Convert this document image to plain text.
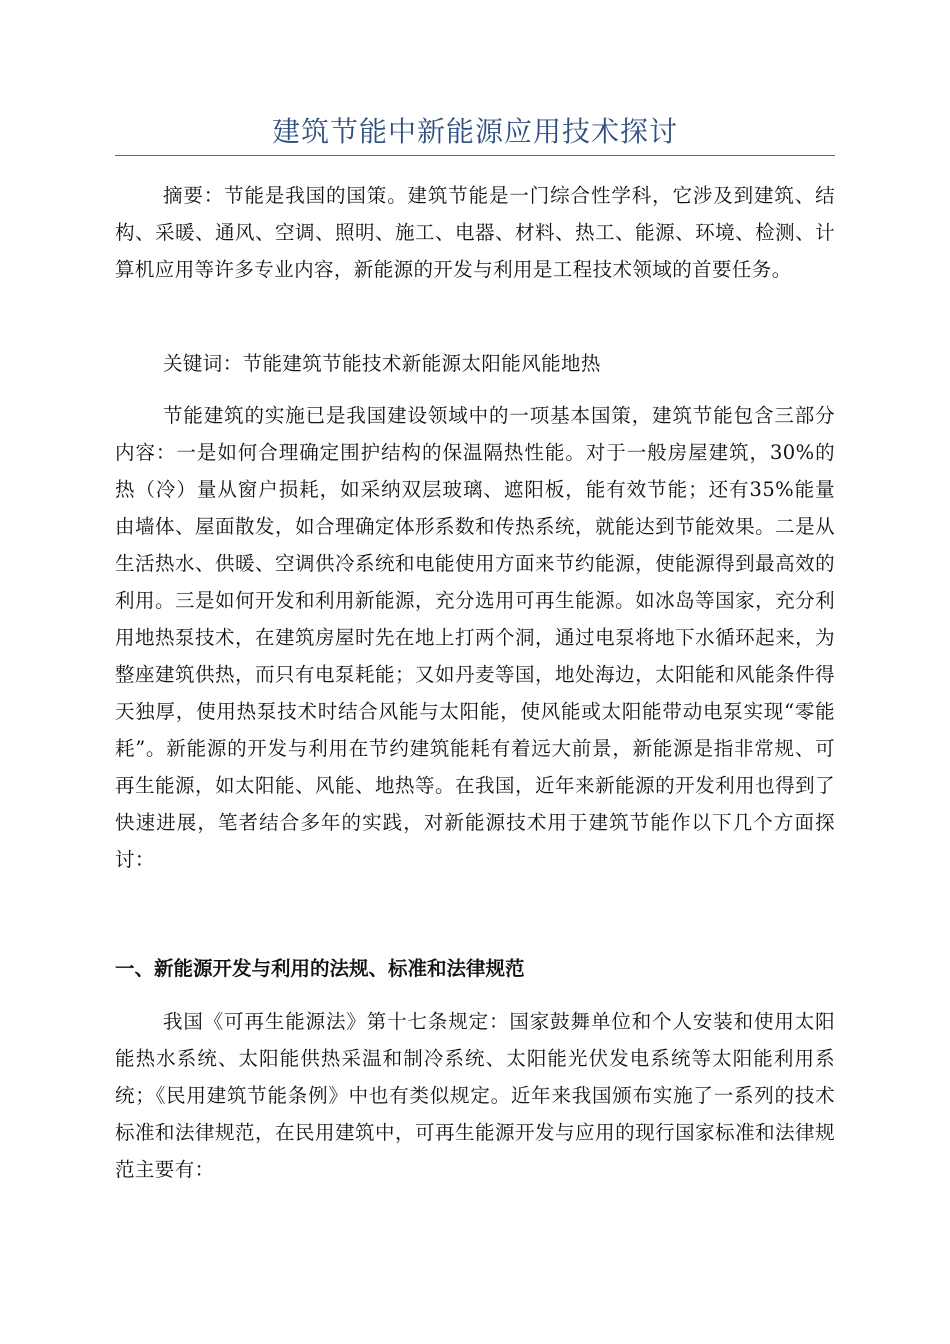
建筑节能中新能源应用技术探讨

摘要：节能是我国的国策。建筑节能是一门综合性学科，它涉及到建筑、结构、采暖、通风、空调、照明、施工、电器、材料、热工、能源、环境、检测、计算机应用等许多专业内容，新能源的开发与利用是工程技术领域的首要任务。

关键词：节能建筑节能技术新能源太阳能风能地热

节能建筑的实施已是我国建设领域中的一项基本国策，建筑节能包含三部分内容：一是如何合理确定围护结构的保温隔热性能。对于一般房屋建筑，30%的热（冷）量从窗户损耗，如采纳双层玻璃、遮阳板，能有效节能；还有35%能量由墙体、屋面散发，如合理确定体形系数和传热系统，就能达到节能效果。二是从生活热水、供暖、空调供冷系统和电能使用方面来节约能源，使能源得到最高效的利用。三是如何开发和利用新能源，充分选用可再生能源。如冰岛等国家，充分利用地热泵技术，在建筑房屋时先在地上打两个洞，通过电泵将地下水循环起来，为整座建筑供热，而只有电泵耗能；又如丹麦等国，地处海边，太阳能和风能条件得天独厚，使用热泵技术时结合风能与太阳能，使风能或太阳能带动电泵实现“零能耗”。新能源的开发与利用在节约建筑能耗有着远大前景，新能源是指非常规、可再生能源，如太阳能、风能、地热等。在我国，近年来新能源的开发利用也得到了快速进展，笔者结合多年的实践，对新能源技术用于建筑节能作以下几个方面探讨：

一、新能源开发与利用的法规、标准和法律规范

我国《可再生能源法》第十七条规定：国家鼓舞单位和个人安装和使用太阳能热水系统、太阳能供热采温和制冷系统、太阳能光伏发电系统等太阳能利用系统；《民用建筑节能条例》中也有类似规定。近年来我国颁布实施了一系列的技术标准和法律规范，在民用建筑中，可再生能源开发与应用的现行国家标准和法律规范主要有：
